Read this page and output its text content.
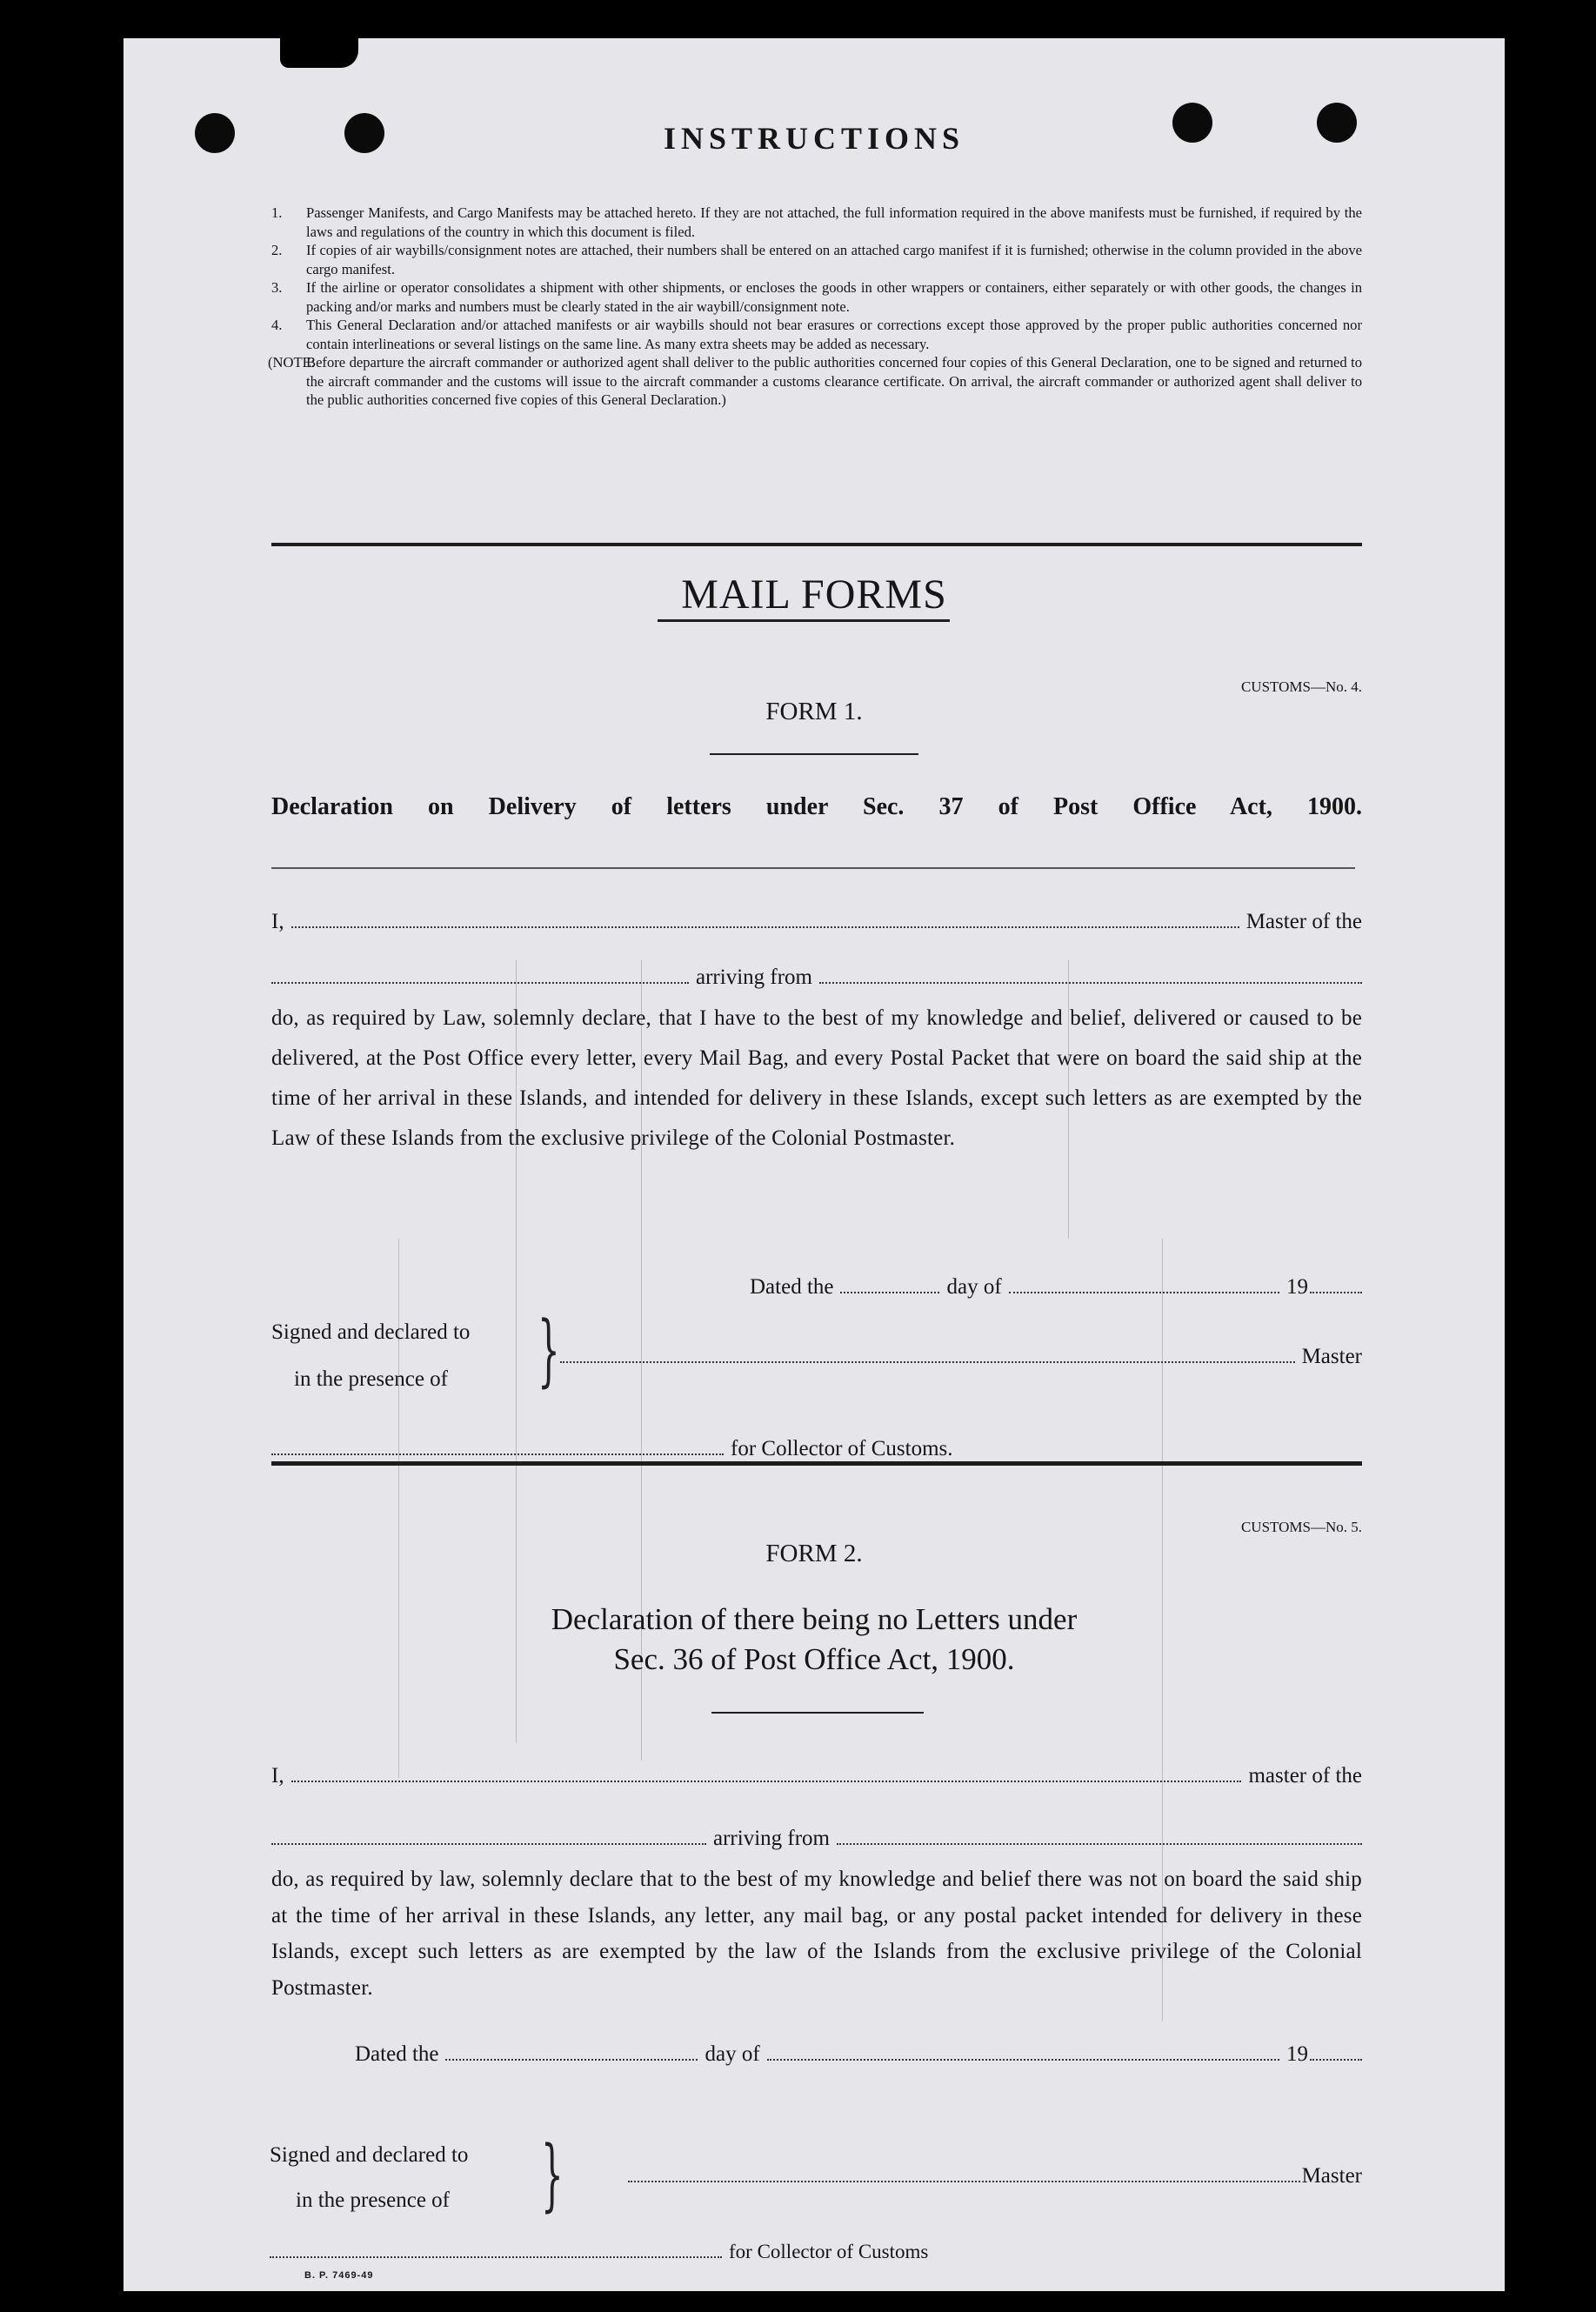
INSTRUCTIONS
1.	Passenger Manifests, and Cargo Manifests may be attached hereto. If they are not attached, the full information required in the above manifests must be furnished, if required by the laws and regulations of the country in which this document is filed.
2.	If copies of air waybills/consignment notes are attached, their numbers shall be entered on an attached cargo manifest if it is furnished; otherwise in the column provided in the above cargo manifest.
3.	If the airline or operator consolidates a shipment with other shipments, or encloses the goods in other wrappers or containers, either separately or with other goods, the changes in packing and/or marks and numbers must be clearly stated in the air waybill/consignment note.
4.	This General Declaration and/or attached manifests or air waybills should not bear erasures or corrections except those approved by the proper public authorities concerned nor contain interlineations or several listings on the same line. As many extra sheets may be added as necessary.
(NOTE:
Before departure the aircraft commander or authorized agent shall deliver to the public authorities concerned four copies of this General Declaration, one to be signed and returned to the aircraft commander and the customs will issue to the aircraft commander a customs clearance certificate. On arrival, the aircraft commander or authorized agent shall deliver to the public authorities concerned five copies of this General Declaration.)
MAIL FORMS
CUSTOMS—No. 4.
FORM 1.
Declaration on Delivery of letters under Sec. 37 of Post Office Act, 1900.
I,	Master of the
arriving from
do, as required by Law, solemnly declare, that I have to the best of my knowledge and belief, delivered or caused to be delivered, at the Post Office every letter, every Mail Bag, and every Postal Packet that were on board the said ship at the time of her arrival in these Islands, and intended for delivery in these Islands, except such letters as are exempted by the Law of these Islands from the exclusive privilege of the Colonial Postmaster.
Dated the	day of	19
Signed and declared to
in the presence of }	Master
for Collector of Customs.
CUSTOMS—No. 5.
FORM 2.
Declaration of there being no Letters under
Sec. 36 of Post Office Act, 1900.
I,	master of the
arriving from
do, as required by law, solemnly declare that to the best of my knowledge and belief there was not on board the said ship at the time of her arrival in these Islands, any letter, any mail bag, or any postal packet intended for delivery in these Islands, except such letters as are exempted by the law of the Islands from the exclusive privilege of the Colonial Postmaster.
Dated the	day of	19
Signed and declared to
in the presence of }	Master
for Collector of Customs
B. P. 7469-49
